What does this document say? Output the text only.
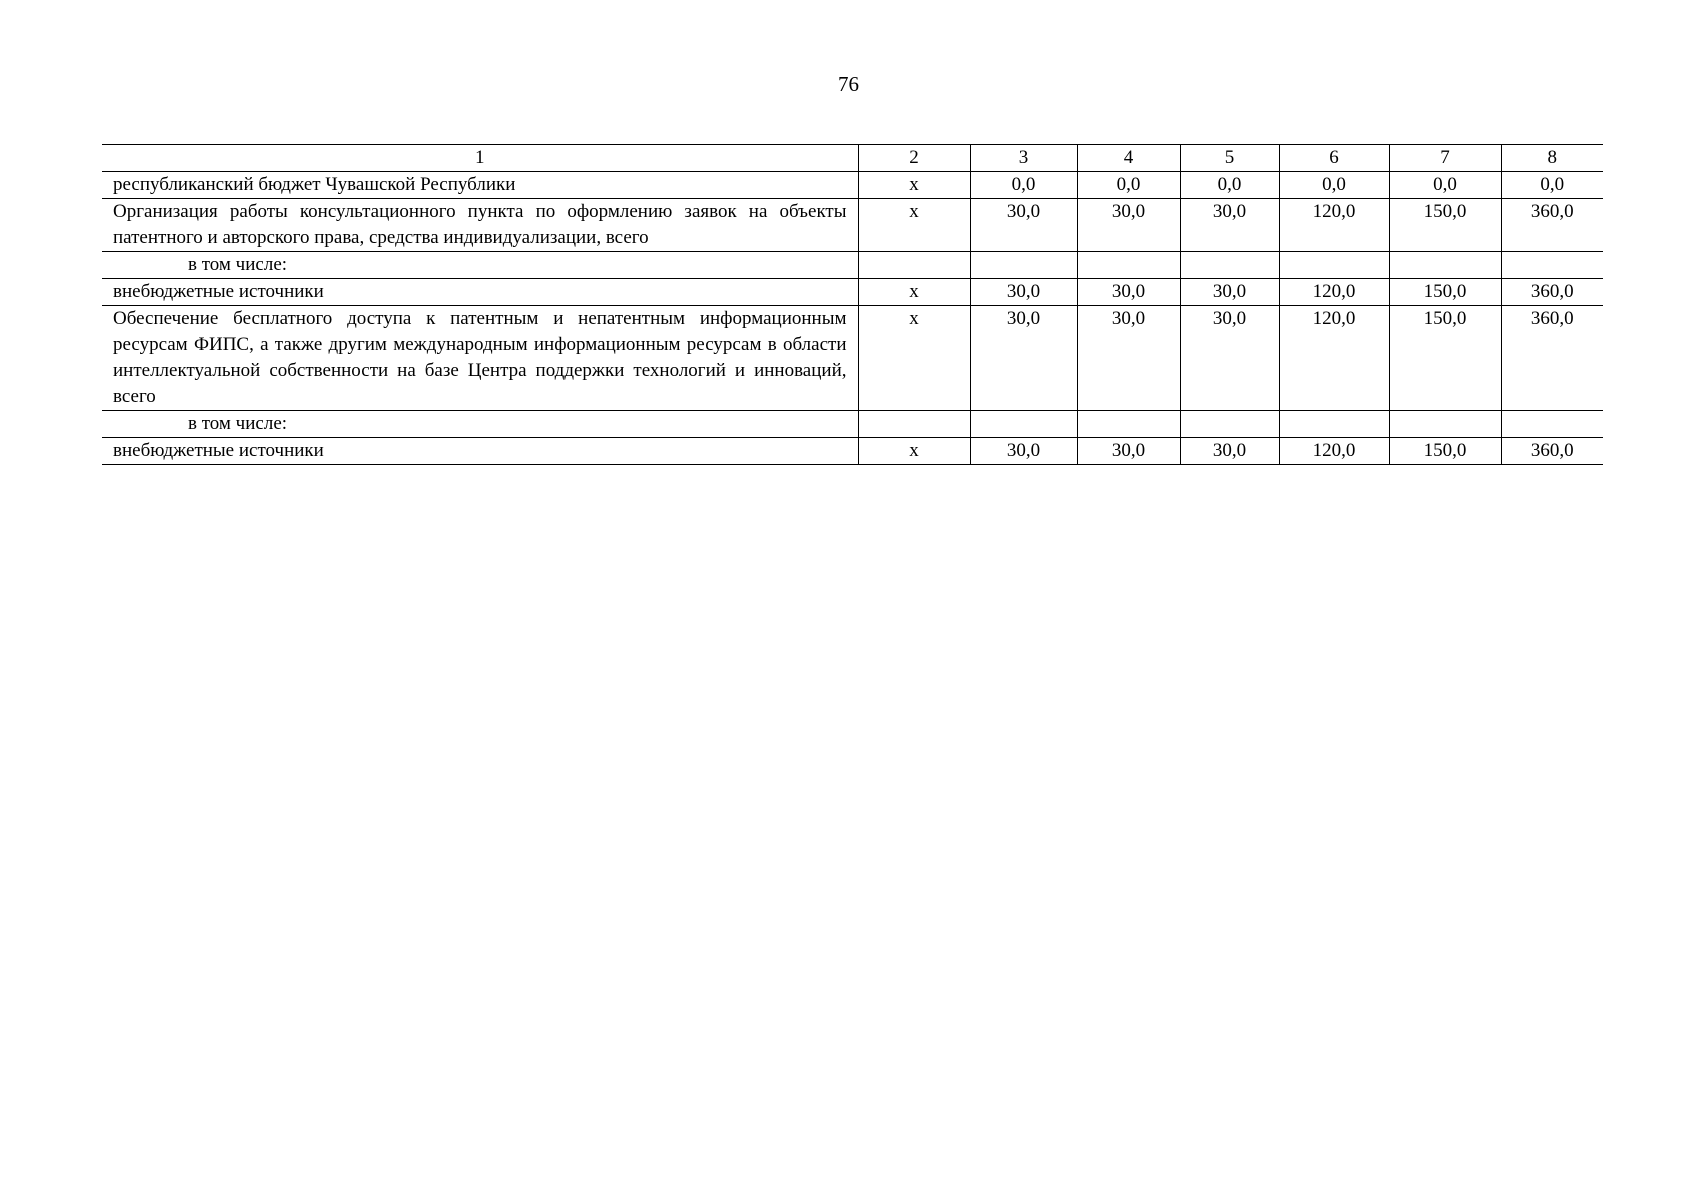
76
1	2	3	4	5	6	7	8
республиканский бюджет Чувашской Республики	х	0,0	0,0	0,0	0,0	0,0	0,0
Организация работы консультационного пункта по оформлению заявок на объекты патентного и авторского права, средства индивидуализации, всего	х	30,0	30,0	30,0	120,0	150,0	360,0
в том числе:							
внебюджетные источники	х	30,0	30,0	30,0	120,0	150,0	360,0
Обеспечение бесплатного доступа к патентным и непатентным информационным ресурсам ФИПС, а также другим международным информационным ресурсам в области интеллектуальной собственности на базе Центра поддержки технологий и инноваций, всего	х	30,0	30,0	30,0	120,0	150,0	360,0
в том числе:							
внебюджетные источники	х	30,0	30,0	30,0	120,0	150,0	360,0
